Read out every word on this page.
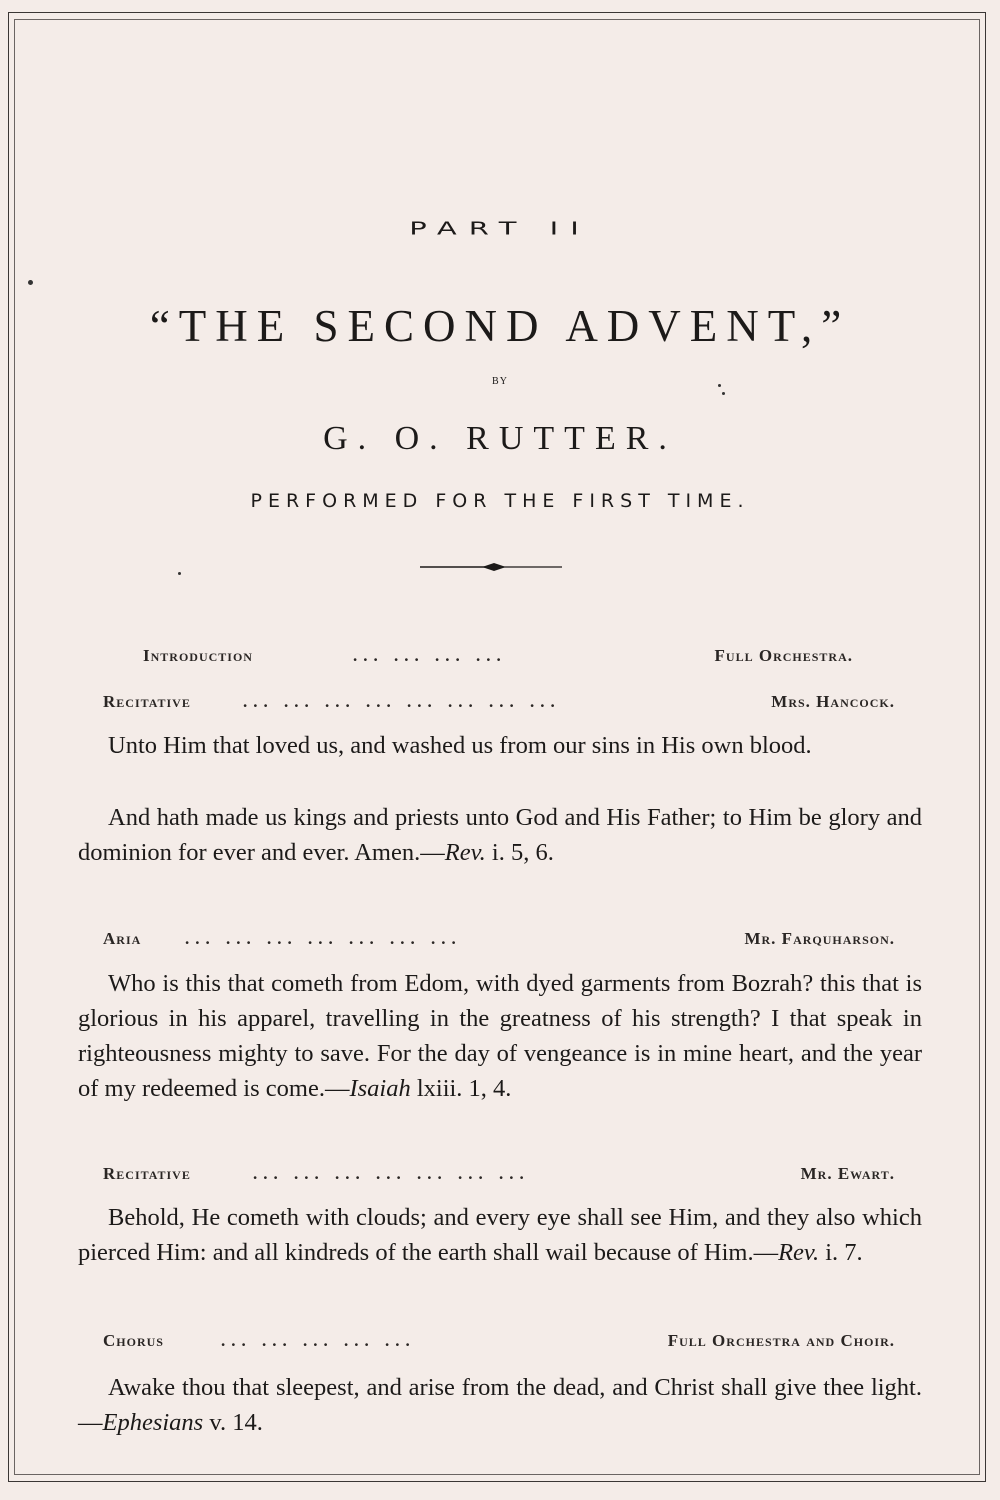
PART II
“THE SECOND ADVENT,”
BY
G. O. RUTTER.
PERFORMED FOR THE FIRST TIME.
Introduction	... ... ... ...	Full Orchestra.
Recitative	... ... ... ... ... ... ... ...	Mrs. Hancock.

Unto Him that loved us, and washed us from our sins in His own blood.

And hath made us kings and priests unto God and His Father; to Him be glory and dominion for ever and ever. Amen.—Rev. i. 5, 6.

Aria	... ... ... ... ... ... ...	Mr. Farquharson.

Who is this that cometh from Edom, with dyed garments from Bozrah? this that is glorious in his apparel, travelling in the greatness of his strength? I that speak in righteousness mighty to save. For the day of vengeance is in mine heart, and the year of my redeemed is come.—Isaiah lxiii. 1, 4.

Recitative	... ... ... ... ... ... ...	Mr. Ewart.

Behold, He cometh with clouds; and every eye shall see Him, and they also which pierced Him: and all kindreds of the earth shall wail because of Him.—Rev. i. 7.

Chorus	... ... ... ... ...	Full Orchestra and Choir.

Awake thou that sleepest, and arise from the dead, and Christ shall give thee light.—Ephesians v. 14.
